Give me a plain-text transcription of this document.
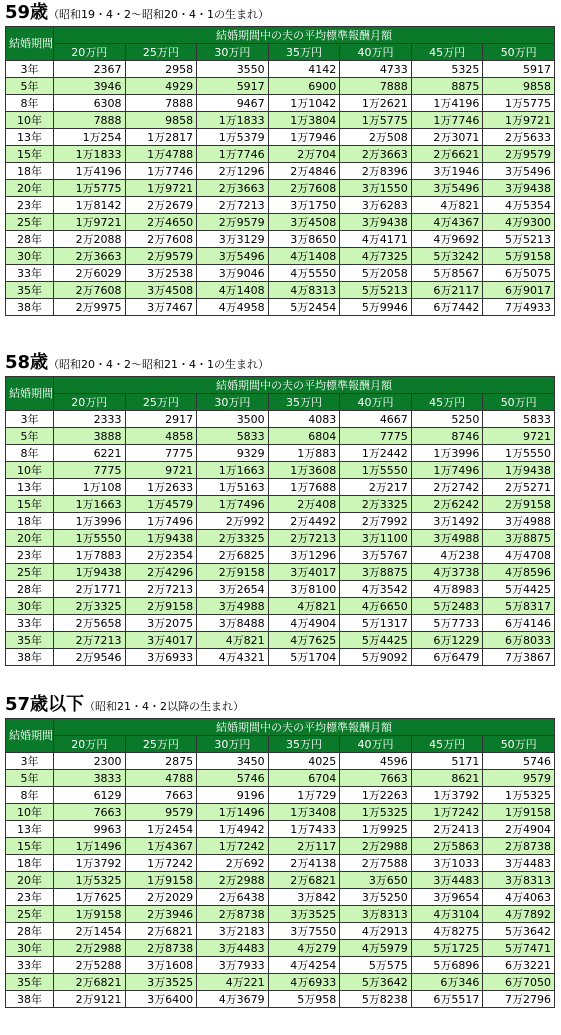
59歳（昭和19・4・2～昭和20・4・1の生まれ）
結婚期間	結婚期間中の夫の平均標準報酬月額						
	20万円	25万円	30万円	35万円	40万円	45万円	50万円
3年	2367	2958	3550	4142	4733	5325	5917
5年	3946	4929	5917	6900	7888	8875	9858
8年	6308	7888	9467	1万1042	1万2621	1万4196	1万5775
10年	7888	9858	1万1833	1万3804	1万5775	1万7746	1万9721
13年	1万254	1万2817	1万5379	1万7946	2万508	2万3071	2万5633
15年	1万1833	1万4788	1万7746	2万704	2万3663	2万6621	2万9579
18年	1万4196	1万7746	2万1296	2万4846	2万8396	3万1946	3万5496
20年	1万5775	1万9721	2万3663	2万7608	3万1550	3万5496	3万9438
23年	1万8142	2万2679	2万7213	3万1750	3万6283	4万821	4万5354
25年	1万9721	2万4650	2万9579	3万4508	3万9438	4万4367	4万9300
28年	2万2088	2万7608	3万3129	3万8650	4万4171	4万9692	5万5213
30年	2万3663	2万9579	3万5496	4万1408	4万7325	5万3242	5万9158
33年	2万6029	3万2538	3万9046	4万5550	5万2058	5万8567	6万5075
35年	2万7608	3万4508	4万1408	4万8313	5万5213	6万2117	6万9017
38年	2万9975	3万7467	4万4958	5万2454	5万9946	6万7442	7万4933
58歳（昭和20・4・2～昭和21・4・1の生まれ）
結婚期間	結婚期間中の夫の平均標準報酬月額						
	20万円	25万円	30万円	35万円	40万円	45万円	50万円
3年	2333	2917	3500	4083	4667	5250	5833
5年	3888	4858	5833	6804	7775	8746	9721
8年	6221	7775	9329	1万883	1万2442	1万3996	1万5550
10年	7775	9721	1万1663	1万3608	1万5550	1万7496	1万9438
13年	1万108	1万2633	1万5163	1万7688	2万217	2万2742	2万5271
15年	1万1663	1万4579	1万7496	2万408	2万3325	2万6242	2万9158
18年	1万3996	1万7496	2万992	2万4492	2万7992	3万1492	3万4988
20年	1万5550	1万9438	2万3325	2万7213	3万1100	3万4988	3万8875
23年	1万7883	2万2354	2万6825	3万1296	3万5767	4万238	4万4708
25年	1万9438	2万4296	2万9158	3万4017	3万8875	4万3738	4万8596
28年	2万1771	2万7213	3万2654	3万8100	4万3542	4万8983	5万4425
30年	2万3325	2万9158	3万4988	4万821	4万6650	5万2483	5万8317
33年	2万5658	3万2075	3万8488	4万4904	5万1317	5万7733	6万4146
35年	2万7213	3万4017	4万821	4万7625	5万4425	6万1229	6万8033
38年	2万9546	3万6933	4万4321	5万1704	5万9092	6万6479	7万3867
57歳以下（昭和21・4・2以降の生まれ）
結婚期間	結婚期間中の夫の平均標準報酬月額						
	20万円	25万円	30万円	35万円	40万円	45万円	50万円
3年	2300	2875	3450	4025	4596	5171	5746
5年	3833	4788	5746	6704	7663	8621	9579
8年	6129	7663	9196	1万729	1万2263	1万3792	1万5325
10年	7663	9579	1万1496	1万3408	1万5325	1万7242	1万9158
13年	9963	1万2454	1万4942	1万7433	1万9925	2万2413	2万4904
15年	1万1496	1万4367	1万7242	2万117	2万2988	2万5863	2万8738
18年	1万3792	1万7242	2万692	2万4138	2万7588	3万1033	3万4483
20年	1万5325	1万9158	2万2988	2万6821	3万650	3万4483	3万8313
23年	1万7625	2万2029	2万6438	3万842	3万5250	3万9654	4万4063
25年	1万9158	2万3946	2万8738	3万3525	3万8313	4万3104	4万7892
28年	2万1454	2万6821	3万2183	3万7550	4万2913	4万8275	5万3642
30年	2万2988	2万8738	3万4483	4万279	4万5979	5万1725	5万7471
33年	2万5288	3万1608	3万7933	4万4254	5万575	5万6896	6万3221
35年	2万6821	3万3525	4万221	4万6933	5万3642	6万346	6万7050
38年	2万9121	3万6400	4万3679	5万958	5万8238	6万5517	7万2796
